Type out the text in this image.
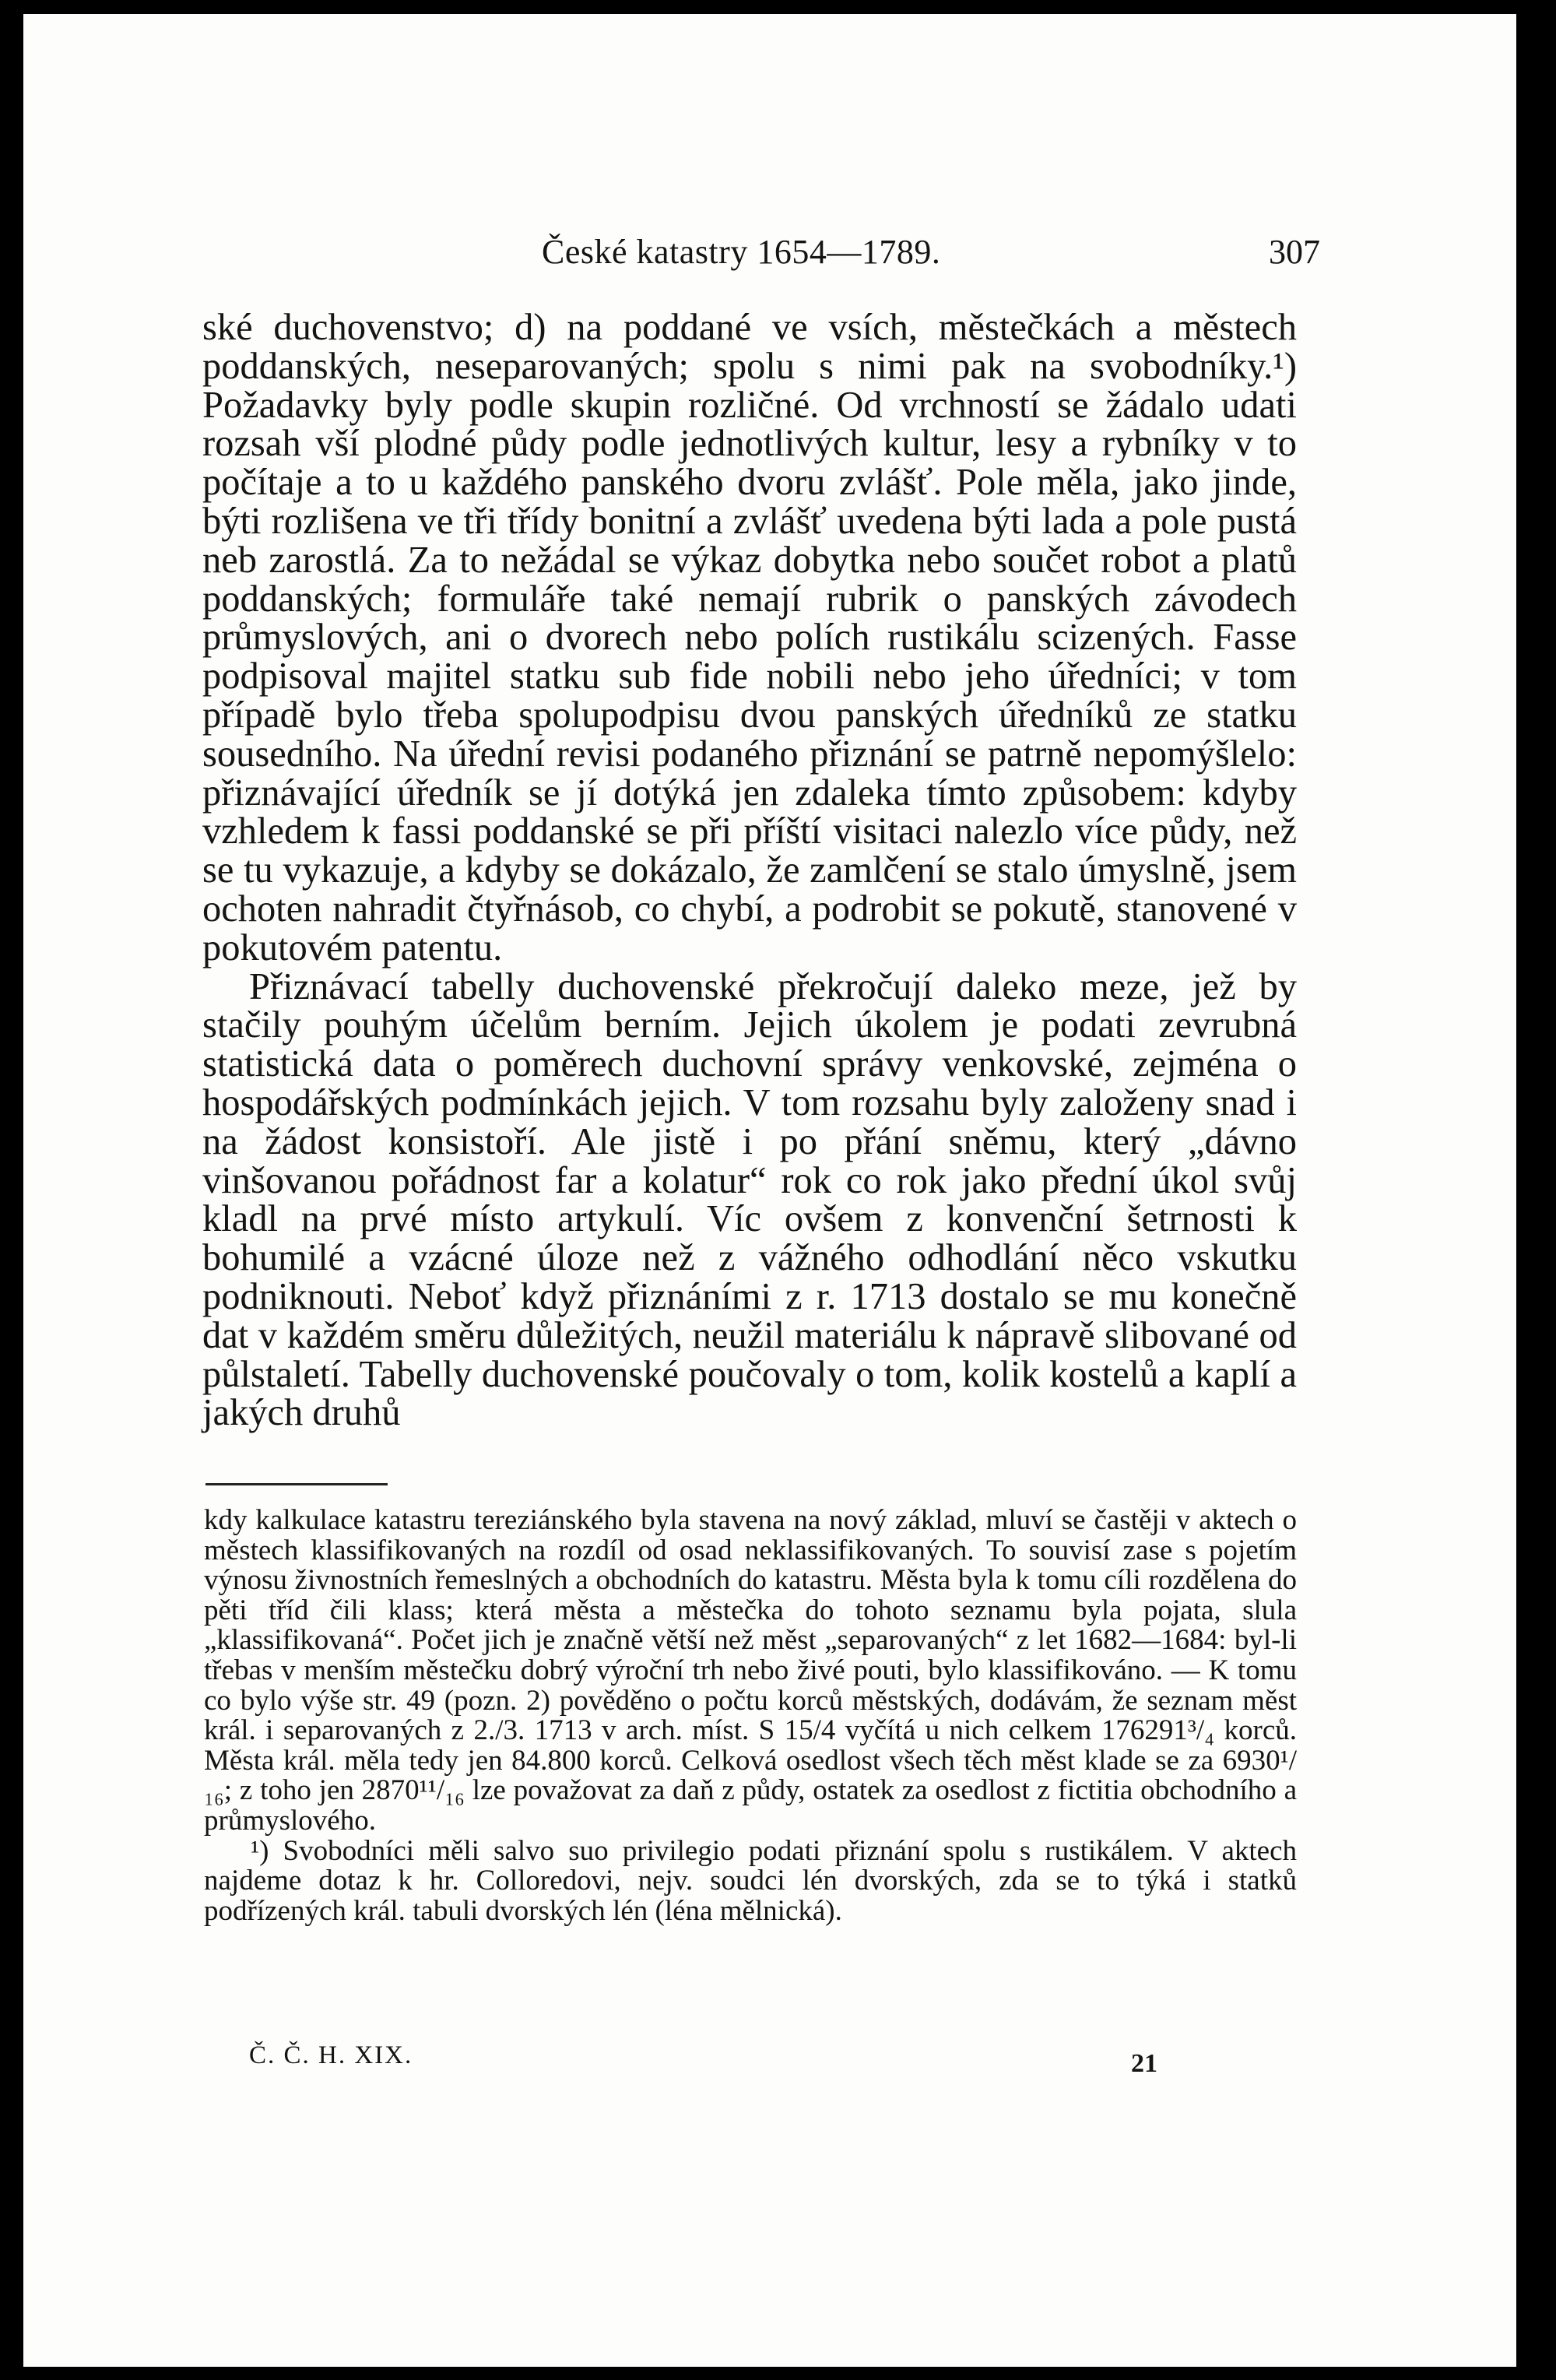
České katastry 1654—1789.	307

ské duchovenstvo; d) na poddané ve vsích, městečkách a městech poddanských, neseparovaných; spolu s nimi pak na svobodníky.¹) Požadavky byly podle skupin rozličné. Od vrchností se žádalo udati rozsah vší plodné půdy podle jednotlivých kultur, lesy a rybníky v to počítaje a to u každého panského dvoru zvlášť. Pole měla, jako jinde, býti rozlišena ve tři třídy bonitní a zvlášť uvedena býti lada a pole pustá neb zarostlá. Za to nežádal se výkaz dobytka nebo součet robot a platů poddanských; formuláře také nemají rubrik o panských závodech průmyslových, ani o dvorech nebo polích rustikálu scizených. Fasse podpisoval majitel statku sub fide nobili nebo jeho úředníci; v tom případě bylo třeba spolupodpisu dvou panských úředníků ze statku sousedního. Na úřední revisi podaného přiznání se patrně nepomýšlelo: přiznávající úředník se jí dotýká jen zdaleka tímto způsobem: kdyby vzhledem k fassi poddanské se při příští visitaci nalezlo více půdy, než se tu vykazuje, a kdyby se dokázalo, že zamlčení se stalo úmyslně, jsem ochoten nahradit čtyřnásob, co chybí, a podrobit se pokutě, stanovené v pokutovém patentu.

Přiznávací tabelly duchovenské překročují daleko meze, jež by stačily pouhým účelům berním. Jejich úkolem je podati zevrubná statistická data o poměrech duchovní správy venkovské, zejména o hospodářských podmínkách jejich. V tom rozsahu byly založeny snad i na žádost konsistoří. Ale jistě i po přání sněmu, který „dávno vinšovanou pořádnost far a kolatur“ rok co rok jako přední úkol svůj kladl na prvé místo artykulí. Víc ovšem z konvenční šetrnosti k bohumilé a vzácné úloze než z vážného odhodlání něco vskutku podniknouti. Neboť když přiznáními z r. 1713 dostalo se mu konečně dat v každém směru důležitých, neužil materiálu k nápravě slibované od půlstaletí. Tabelly duchovenské poučovaly o tom, kolik kostelů a kaplí a jakých druhů

kdy kalkulace katastru tereziánského byla stavena na nový základ, mluví se častěji v aktech o městech klassifikovaných na rozdíl od osad neklassifikovaných. To souvisí zase s pojetím výnosu živnostních řemeslných a obchodních do katastru. Města byla k tomu cíli rozdělena do pěti tříd čili klass; která města a městečka do tohoto seznamu byla pojata, slula „klassifikovaná“. Počet jich je značně větší než měst „separovaných“ z let 1682—1684: byl-li třebas v menším městečku dobrý výroční trh nebo živé pouti, bylo klassifikováno. — K tomu co bylo výše str. 49 (pozn. 2) pověděno o počtu korců městských, dodávám, že seznam měst král. i separovaných z 2./3. 1713 v arch. míst. S 15/4 vyčítá u nich celkem 176291³/₄ korců. Města král. měla tedy jen 84.800 korců. Celková osedlost všech těch měst klade se za 6930¹/₁₆; z toho jen 2870¹¹/₁₆ lze považovat za daň z půdy, ostatek za osedlost z fictitia obchodního a průmyslového.

¹) Svobodníci měli salvo suo privilegio podati přiznání spolu s rustikálem. V aktech najdeme dotaz k hr. Colloredovi, nejv. soudci lén dvorských, zda se to týká i statků podřízených král. tabuli dvorských lén (léna mělnická).

Č. Č. H. XIX.	21
